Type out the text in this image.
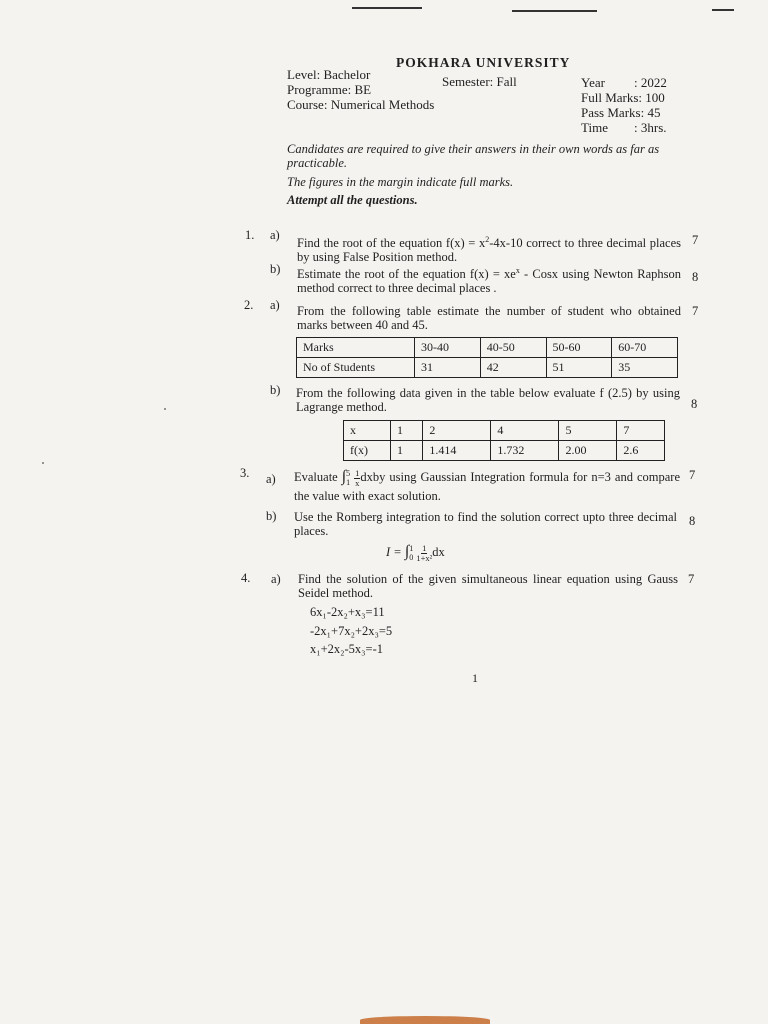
POKHARA UNIVERSITY
Level: Bachelor	Semester: Fall
Programme: BE
Course: Numerical Methods
Year : 2022
Full Marks: 100
Pass Marks: 45
Time : 3hrs.
Candidates are required to give their answers in their own words as far as practicable.
The figures in the margin indicate full marks.
Attempt all the questions.
1. a)
Find the root of the equation $f(x) = x^2-4x-10$ correct to three decimal places by using False Position method.
7
b) Estimate the root of the equation $f(x) = xe^x$ - Cosx using Newton Raphson method correct to three decimal places .
8
2. a) From the following table estimate the number of student who obtained marks between 40 and 45.
7
Marks	30-40	40-50	50-60	60-70
No of Students	31	42	51	35
b) From the following data given in the table below evaluate f (2.5) by using Lagrange method.	8
x	1	2	4	5	7
f(x)	1	1.414	1.732	2.00	2.6
3. a) Evaluate ∫ 5
1
$\frac{1}{x}$ dxby using Gaussian Integration formula for n=3 and compare the value with exact solution.
7
b) Use the Romberg integration to find the solution correct upto three decimal places.
8
I = ∫ 1
0
$\frac{1}{\text{1+x²}}$ dx
4. a) Find the solution of the given simultaneous linear equation using Gauss Seidel method.
7
6x₁-2x₂+x₃=11
-2x₁+7x₂+2x₃=5
x₁+2x₂-5x₃=-1
1
